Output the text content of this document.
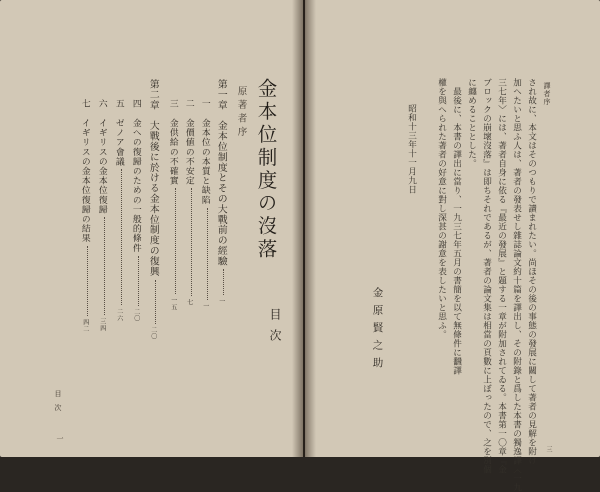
金本位制度の沒落
目次
原著者序
第一章　金本位制度とその大戰前の經驗一
一　金本位の本質と缺陷一
二　金價値の不安定七
三　金供給の不確實一五
第二章　大戰後に於ける金本位制度の復興二〇
四　金への復歸のための一般的條件二〇
五　ゼノア會議二六
六　イギリスの金本位復歸三四
七　イギリスの金本位復歸の結果四二
目　次
一
譯者序
三
され故に、本文はそのつもりで讀まれたい。尚ほその後の事態の發展に關して著者の見解を附け
加へたいと思ふ人は、著者の發表せし雜誌論文約十篇を譯出し、その附錄と爲した本書の獨逸譯〈一九
三七年〉には、著者自身に依る『最近の發展』と題する一章が附加されてゐる。本書第一〇章『金
ブロックの崩壞沒落』は即ちそれであるが、著者の論文集は相當の頁數に上ぼったので、之を別個
に纏めることとした。
最後に、本書の譯出に當り、一九三七年五月の書簡を以て無條件に飜譯
權を與へられた著者の好意に對し深甚の謝意を表したいと思ふ。
昭和十三年十一月九日
金原賢之助
